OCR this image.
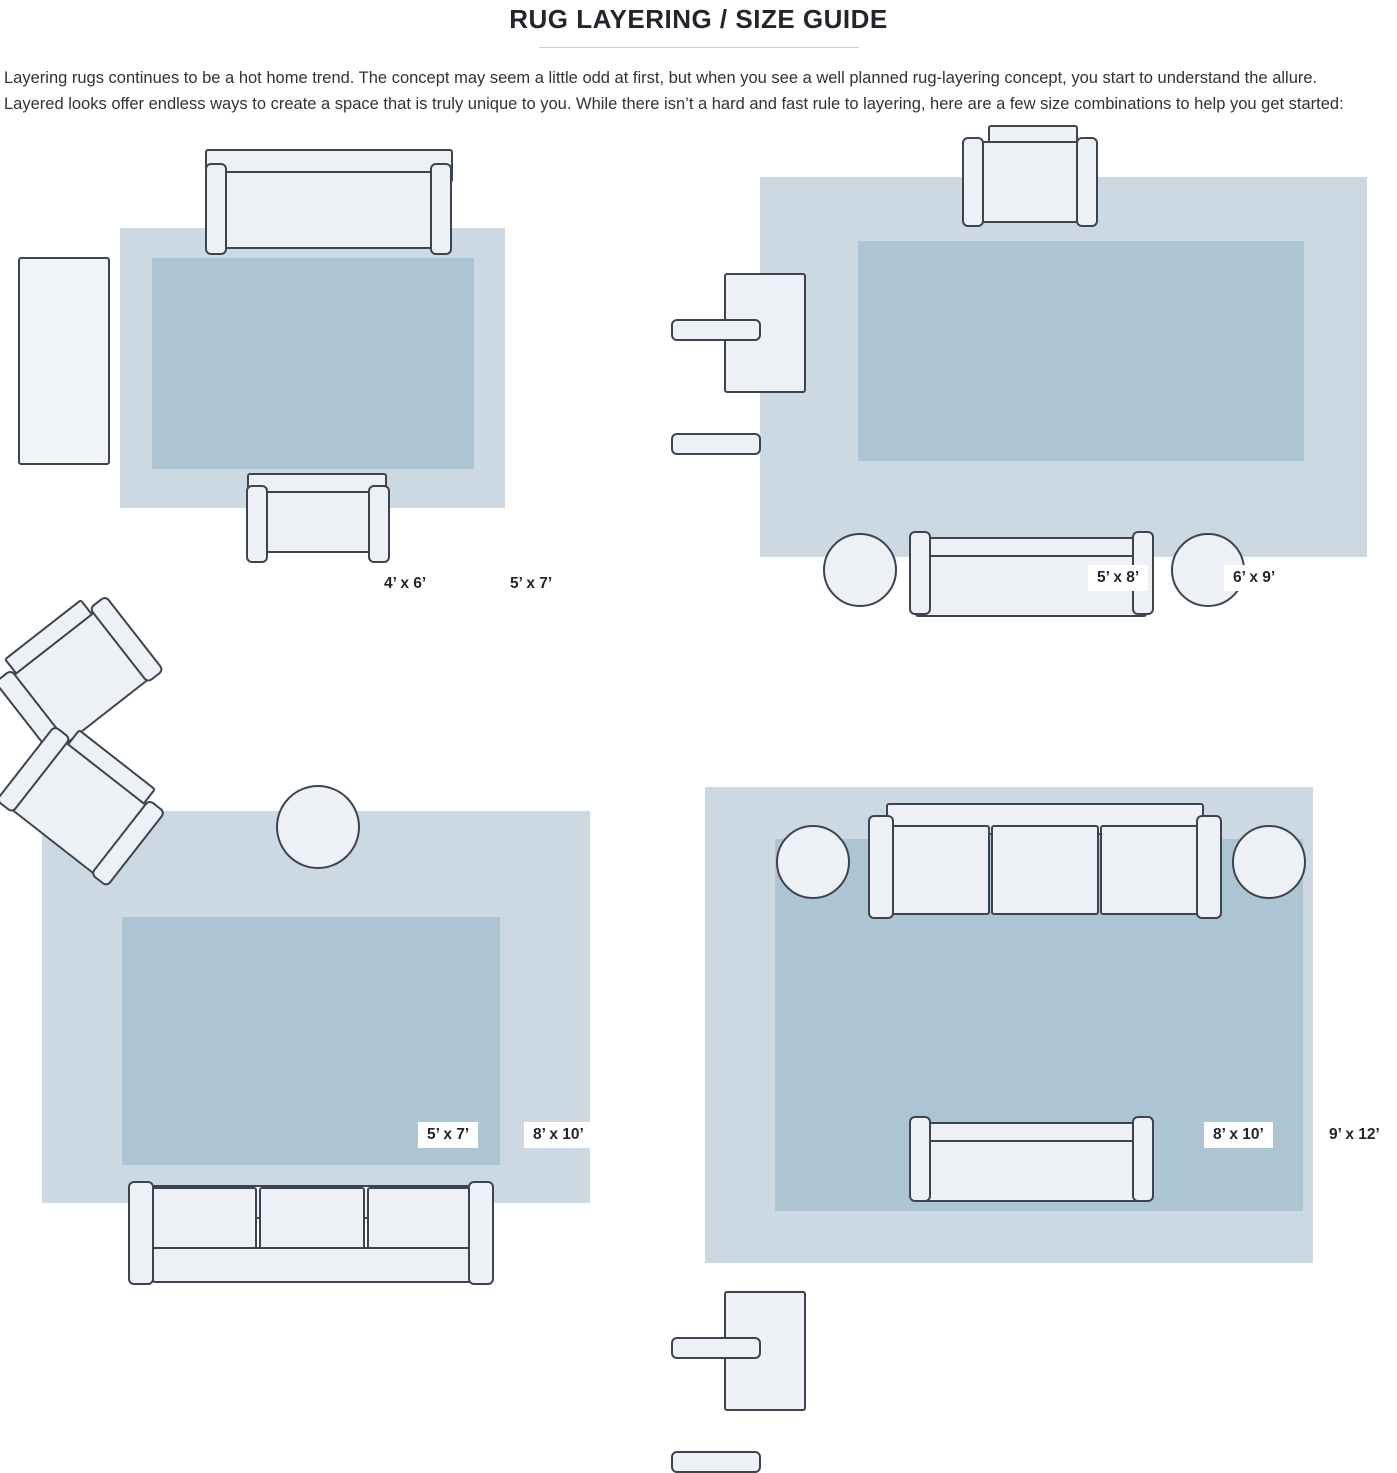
RUG LAYERING / SIZE GUIDE
Layering rugs continues to be a hot home trend. The concept may seem a little odd at first, but when you see a well planned rug-layering concept, you start to understand the allure. Layered looks offer endless ways to create a space that is truly unique to you. While there isn’t a hard and fast rule to layering, here are a few size combinations to help you get started:
4’ x 6’	5’ x 7’	5’ x 8’	6’ x 9’
5’ x 7’	8’ x 10’	8’ x 10’	9’ x 12’
